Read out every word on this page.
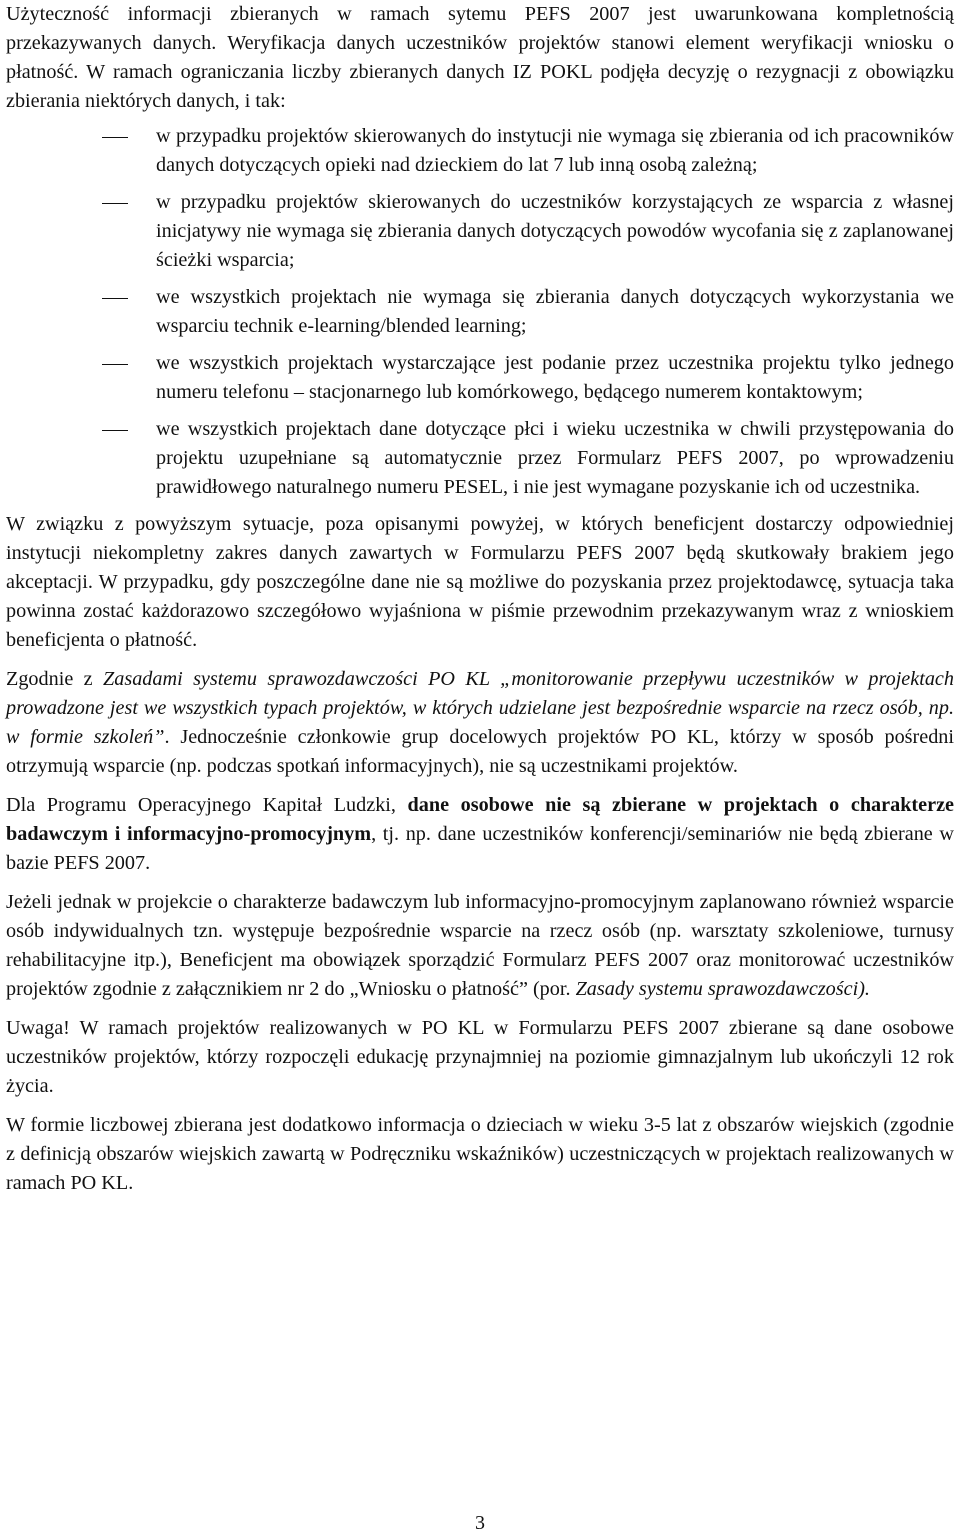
Użyteczność informacji zbieranych w ramach sytemu PEFS 2007 jest uwarunkowana kompletnością przekazywanych danych. Weryfikacja danych uczestników projektów stanowi element weryfikacji wniosku o płatność. W ramach ograniczania liczby zbieranych danych IZ POKL podjęła decyzję o rezygnacji z obowiązku zbierania niektórych danych, i tak:

w przypadku projektów skierowanych do instytucji nie wymaga się zbierania od ich pracowników danych dotyczących opieki nad dzieckiem do lat 7 lub inną osobą zależną;
w przypadku projektów skierowanych do uczestników korzystających ze wsparcia z własnej inicjatywy nie wymaga się zbierania danych dotyczących powodów wycofania się z zaplanowanej ścieżki wsparcia;
we wszystkich projektach nie wymaga się zbierania danych dotyczących wykorzystania we wsparciu technik e-learning/blended learning;
we wszystkich projektach wystarczające jest podanie przez uczestnika projektu tylko jednego numeru telefonu – stacjonarnego lub komórkowego, będącego numerem kontaktowym;
we wszystkich projektach dane dotyczące płci i wieku uczestnika w chwili przystępowania do projektu uzupełniane są automatycznie przez Formularz PEFS 2007, po wprowadzeniu prawidłowego naturalnego numeru PESEL, i nie jest wymagane pozyskanie ich od uczestnika.

W związku z powyższym sytuacje, poza opisanymi powyżej, w których beneficjent dostarczy odpowiedniej instytucji niekompletny zakres danych zawartych w Formularzu PEFS 2007 będą skutkowały brakiem jego akceptacji. W przypadku, gdy poszczególne dane nie są możliwe do pozyskania przez projektodawcę, sytuacja taka powinna zostać każdorazowo szczegółowo wyjaśniona w piśmie przewodnim przekazywanym wraz z wnioskiem beneficjenta o płatność.

Zgodnie z Zasadami systemu sprawozdawczości PO KL „monitorowanie przepływu uczestników w projektach prowadzone jest we wszystkich typach projektów, w których udzielane jest bezpośrednie wsparcie na rzecz osób, np. w formie szkoleń”. Jednocześnie członkowie grup docelowych projektów PO KL, którzy w sposób pośredni otrzymują wsparcie (np. podczas spotkań informacyjnych), nie są uczestnikami projektów.

Dla Programu Operacyjnego Kapitał Ludzki, dane osobowe nie są zbierane w projektach o charakterze badawczym i informacyjno-promocyjnym, tj. np. dane uczestników konferencji/seminariów nie będą zbierane w bazie PEFS 2007.

Jeżeli jednak w projekcie o charakterze badawczym lub informacyjno-promocyjnym zaplanowano również wsparcie osób indywidualnych tzn. występuje bezpośrednie wsparcie na rzecz osób (np. warsztaty szkoleniowe, turnusy rehabilitacyjne itp.), Beneficjent ma obowiązek sporządzić Formularz PEFS 2007 oraz monitorować uczestników projektów zgodnie z załącznikiem nr 2 do „Wniosku o płatność” (por. Zasady systemu sprawozdawczości).

Uwaga! W ramach projektów realizowanych w PO KL w Formularzu PEFS 2007 zbierane są dane osobowe uczestników projektów, którzy rozpoczęli edukację przynajmniej na poziomie gimnazjalnym lub ukończyli 12 rok życia.

W formie liczbowej zbierana jest dodatkowo informacja o dzieciach w wieku 3-5 lat z obszarów wiejskich (zgodnie z definicją obszarów wiejskich zawartą w Podręczniku wskaźników) uczestniczących w projektach realizowanych w ramach PO KL.

3
